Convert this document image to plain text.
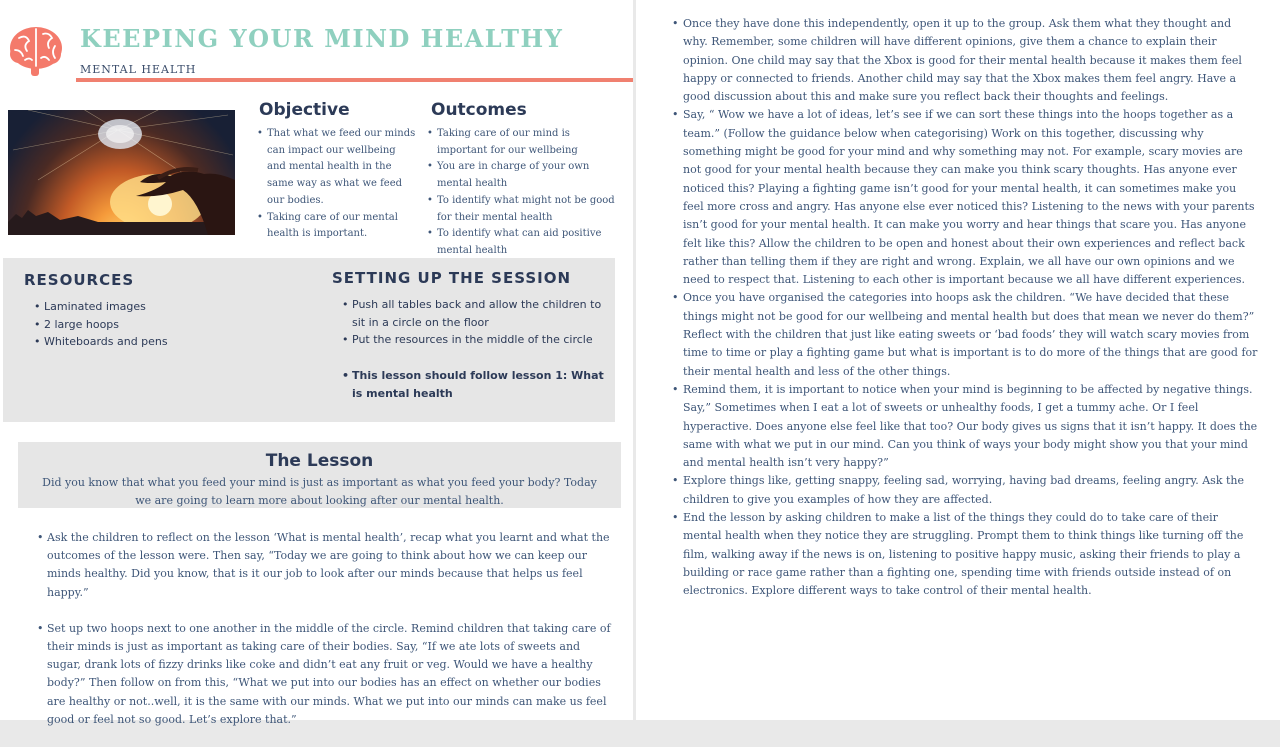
KEEPING YOUR MIND HEALTHY
MENTAL HEALTH
Objective
• That what we feed our minds can impact our wellbeing and mental health in the same way as what we feed our bodies.
• Taking care of our mental health is important.
Outcomes
• Taking care of our mind is important for our wellbeing
• You are in charge of your own mental health
• To identify what might not be good for their mental health
• To identify what can aid positive mental health
RESOURCES
• Laminated images
• 2 large hoops
• Whiteboards and pens
SETTING UP THE SESSION
• Push all tables back and allow the children to sit in a circle on the floor
• Put the resources in the middle of the circle
• This lesson should follow lesson 1: What is mental health
The Lesson
Did you know that what you feed your mind is just as important as what you feed your body? Today we are going to learn more about looking after our mental health.
• Ask the children to reflect on the lesson ‘What is mental health’, recap what you learnt and what the outcomes of the lesson were. Then say, “Today we are going to think about how we can keep our minds healthy. Did you know, that is it our job to look after our minds because that helps us feel happy.”
• Set up two hoops next to one another in the middle of the circle. Remind children that taking care of their minds is just as important as taking care of their bodies. Say, “If we ate lots of sweets and sugar, drank lots of fizzy drinks like coke and didn’t eat any fruit or veg. Would we have a healthy body?” Then follow on from this, “What we put into our bodies has an effect on whether our bodies are healthy or not..well, it is the same with our minds. What we put into our minds can make us feel good or feel not so good. Let’s explore that.”
• Once they have done this independently, open it up to the group. Ask them what they thought and why. Remember, some children will have different opinions, give them a chance to explain their opinion. One child may say that the Xbox is good for their mental health because it makes them feel happy or connected to friends. Another child may say that the Xbox makes them feel angry. Have a good discussion about this and make sure you reflect back their thoughts and feelings.
• Say, “ Wow we have a lot of ideas, let’s see if we can sort these things into the hoops together as a team.” (Follow the guidance below when categorising) Work on this together, discussing why something might be good for your mind and why something may not. For example, scary movies are not good for your mental health because they can make you think scary thoughts. Has anyone ever noticed this? Playing a fighting game isn’t good for your mental health, it can sometimes make you feel more cross and angry. Has anyone else ever noticed this? Listening to the news with your parents isn’t good for your mental health. It can make you worry and hear things that scare you. Has anyone felt like this? Allow the children to be open and honest about their own experiences and reflect back rather than telling them if they are right and wrong. Explain, we all have our own opinions and we need to respect that. Listening to each other is important because we all have different experiences.
• Once you have organised the categories into hoops ask the children. “We have decided that these things might not be good for our wellbeing and mental health but does that mean we never do them?” Reflect with the children that just like eating sweets or ‘bad foods’ they will watch scary movies from time to time or play a fighting game but what is important is to do more of the things that are good for their mental health and less of the other things.
• Remind them, it is important to notice when your mind is beginning to be affected by negative things. Say,” Sometimes when I eat a lot of sweets or unhealthy foods, I get a tummy ache. Or I feel hyperactive. Does anyone else feel like that too? Our body gives us signs that it isn’t happy. It does the same with what we put in our mind. Can you think of ways your body might show you that your mind and mental health isn’t very happy?”
• Explore things like, getting snappy, feeling sad, worrying, having bad dreams, feeling angry. Ask the children to give you examples of how they are affected.
• End the lesson by asking children to make a list of the things they could do to take care of their mental health when they notice they are struggling. Prompt them to think things like turning off the film, walking away if the news is on, listening to positive happy music, asking their friends to play a building or race game rather than a fighting one, spending time with friends outside instead of on electronics. Explore different ways to take control of their mental health.
